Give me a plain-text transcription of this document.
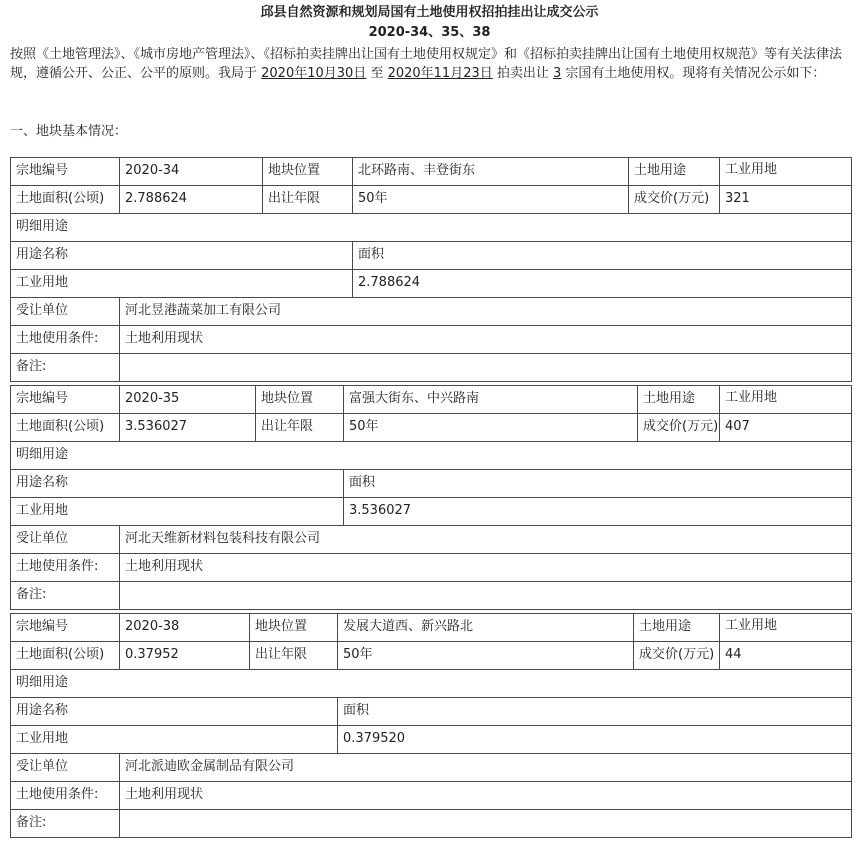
邱县自然资源和规划局国有土地使用权招拍挂出让成交公示
2020-34、35、38
按照《土地管理法》、《城市房地产管理法》、《招标拍卖挂牌出让国有土地使用权规定》和《招标拍卖挂牌出让国有土地使用权规范》等有关法律法规，遵循公开、公正、公平的原则。我局于 2020年10月30日 至 2020年11月23日 拍卖出让 3 宗国有土地使用权。现将有关情况公示如下：
一、地块基本情况：
宗地编号	2020-34	地块位置	北环路南、丰登街东	土地用途	工业用地
土地面积(公顷)	2.788624	出让年限	50年	成交价(万元)	321
明细用途					
用途名称			面积		
工业用地			2.788624		
受让单位	河北昱港蔬菜加工有限公司				
土地使用条件:	土地利用现状				
备注:					
宗地编号	2020-35	地块位置	富强大街东、中兴路南	土地用途	工业用地
土地面积(公顷)	3.536027	出让年限	50年	成交价(万元)	407
明细用途					
用途名称			面积		
工业用地			3.536027		
受让单位	河北天维新材料包装科技有限公司				
土地使用条件:	土地利用现状				
备注:					
宗地编号	2020-38	地块位置	发展大道西、新兴路北	土地用途	工业用地
土地面积(公顷)	0.37952	出让年限	50年	成交价(万元)	44
明细用途					
用途名称			面积		
工业用地			0.379520		
受让单位	河北派迪欧金属制品有限公司				
土地使用条件:	土地利用现状				
备注:					
